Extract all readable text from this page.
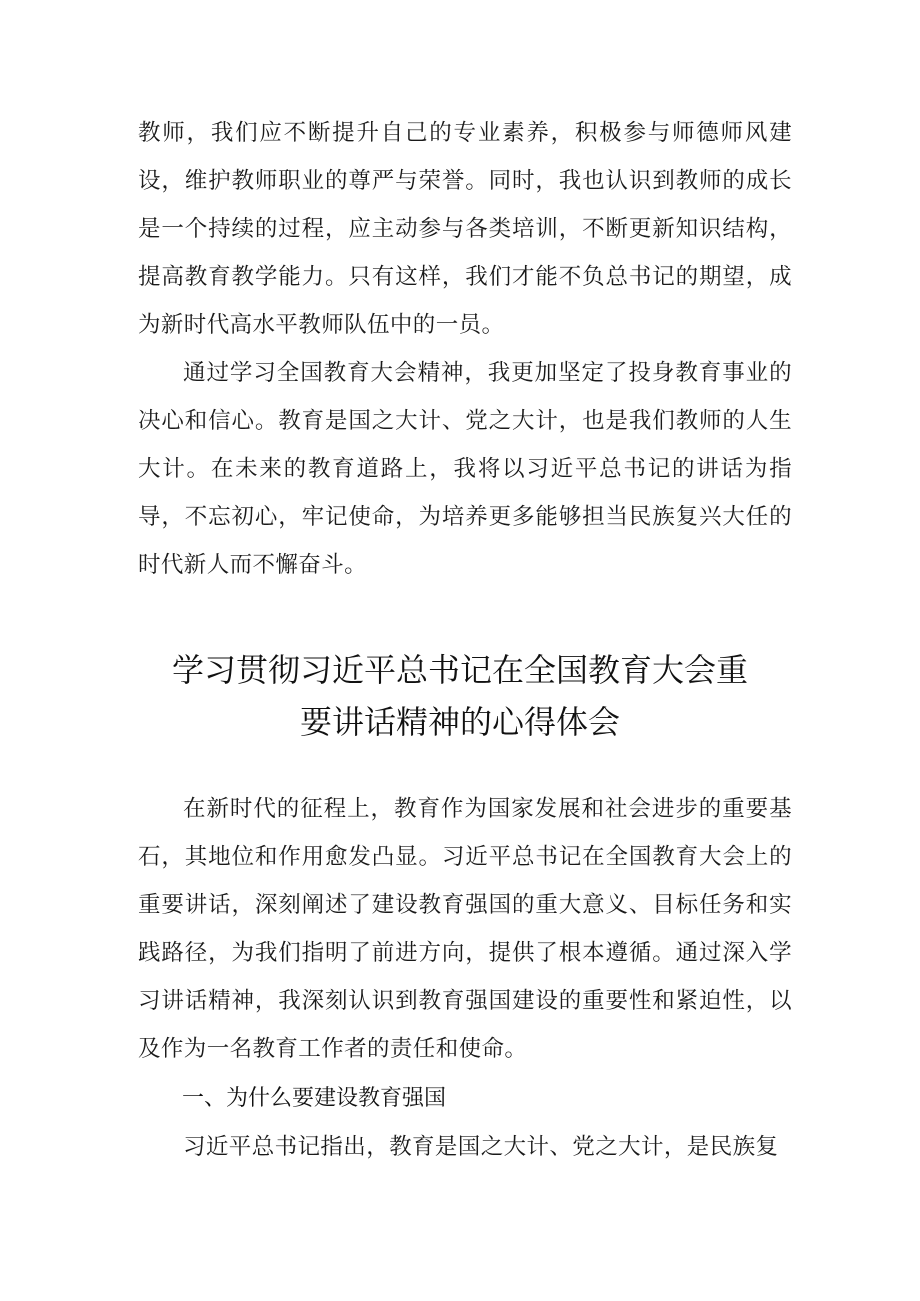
教师，我们应不断提升自己的专业素养，积极参与师德师风建设，维护教师职业的尊严与荣誉。同时，我也认识到教师的成长是一个持续的过程，应主动参与各类培训，不断更新知识结构，提高教育教学能力。只有这样，我们才能不负总书记的期望，成为新时代高水平教师队伍中的一员。

通过学习全国教育大会精神，我更加坚定了投身教育事业的决心和信心。教育是国之大计、党之大计，也是我们教师的人生大计。在未来的教育道路上，我将以习近平总书记的讲话为指导，不忘初心，牢记使命，为培养更多能够担当民族复兴大任的时代新人而不懈奋斗。

学习贯彻习近平总书记在全国教育大会重
要讲话精神的心得体会

在新时代的征程上，教育作为国家发展和社会进步的重要基石，其地位和作用愈发凸显。习近平总书记在全国教育大会上的重要讲话，深刻阐述了建设教育强国的重大意义、目标任务和实践路径，为我们指明了前进方向，提供了根本遵循。通过深入学习讲话精神，我深刻认识到教育强国建设的重要性和紧迫性，以及作为一名教育工作者的责任和使命。

一、为什么要建设教育强国

习近平总书记指出，教育是国之大计、党之大计，是民族复
